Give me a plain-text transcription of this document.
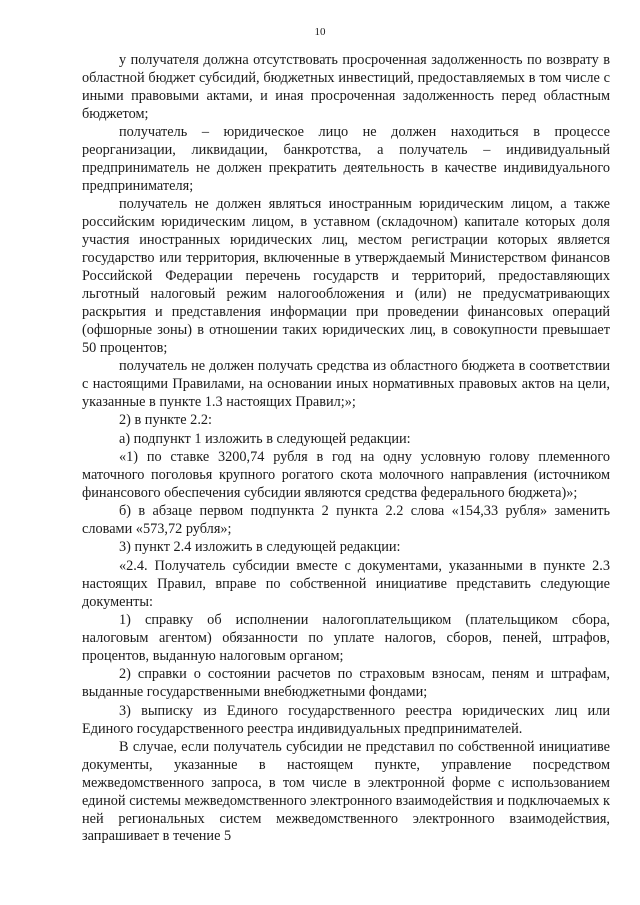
10

у получателя должна отсутствовать просроченная задолженность по возврату в областной бюджет субсидий, бюджетных инвестиций, предоставляемых в том числе с иными правовыми актами, и иная просроченная задолженность перед областным бюджетом;

получатель – юридическое лицо не должен находиться в процессе реорганизации, ликвидации, банкротства, а получатель – индивидуальный предприниматель не должен прекратить деятельность в качестве индивидуального предпринимателя;

получатель не должен являться иностранным юридическим лицом, а также российским юридическим лицом, в уставном (складочном) капитале которых доля участия иностранных юридических лиц, местом регистрации которых является государство или территория, включенные в утверждаемый Министерством финансов Российской Федерации перечень государств и территорий, предоставляющих льготный налоговый режим налогообложения и (или) не предусматривающих раскрытия и представления информации при проведении финансовых операций (офшорные зоны) в отношении таких юридических лиц, в совокупности превышает 50 процентов;

получатель не должен получать средства из областного бюджета в соответствии с настоящими Правилами, на основании иных нормативных правовых актов на цели, указанные в пункте 1.3 настоящих Правил;»;

2) в пункте 2.2:

а) подпункт 1 изложить в следующей редакции:

«1) по ставке 3200,74 рубля в год на одну условную голову племенного маточного поголовья крупного рогатого скота молочного направления (источником финансового обеспечения субсидии являются средства федерального бюджета)»;

б) в абзаце первом подпункта 2 пункта 2.2 слова «154,33 рубля» заменить словами «573,72 рубля»;

3) пункт 2.4 изложить в следующей редакции:

«2.4. Получатель субсидии вместе с документами, указанными в пункте 2.3 настоящих Правил, вправе по собственной инициативе представить следующие документы:

1) справку об исполнении налогоплательщиком (плательщиком сбора, налоговым агентом) обязанности по уплате налогов, сборов, пеней, штрафов, процентов, выданную налоговым органом;

2) справки о состоянии расчетов по страховым взносам, пеням и штрафам, выданные государственными внебюджетными фондами;

3) выписку из Единого государственного реестра юридических лиц или Единого государственного реестра индивидуальных предпринимателей.

В случае, если получатель субсидии не представил по собственной инициативе документы, указанные в настоящем пункте, управление посредством межведомственного запроса, в том числе в электронной форме с использованием единой системы межведомственного электронного взаимодействия и подключаемых к ней региональных систем межведомственного электронного взаимодействия, запрашивает в течение 5
